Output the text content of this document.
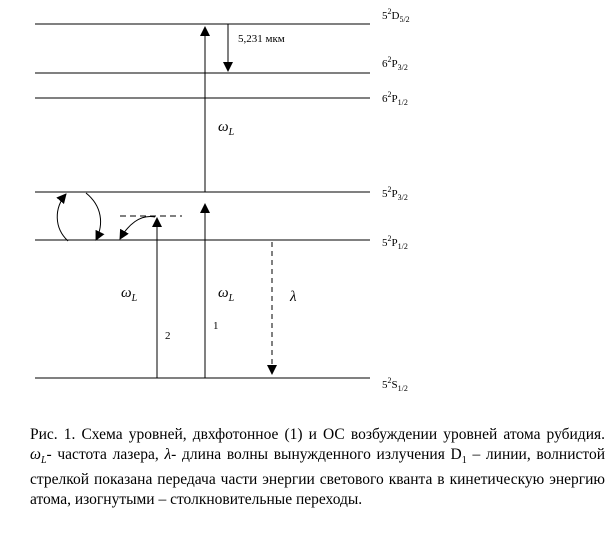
$5^2D_{5/2}$
$6^2P_{3/2}$
$6^2P_{1/2}$
$5^2P_{3/2}$
$5^2P_{1/2}$
$5^2S_{1/2}$
5,231 мкм
$\omega_L$
$\omega_L$	$\omega_L$	λ
1
2
Рис. 1. Схема уровней, двхфотонное (1) и ОС возбуждении уровней атома рубидия. $\omega_L-$ частота лазера, λ- длина волны вынужденного излучения $D_1$ – линии, волнистой стрелкой показана передача части энергии светового кванта в кинетическую энергию атома, изогнутыми – столкновительные переходы.
